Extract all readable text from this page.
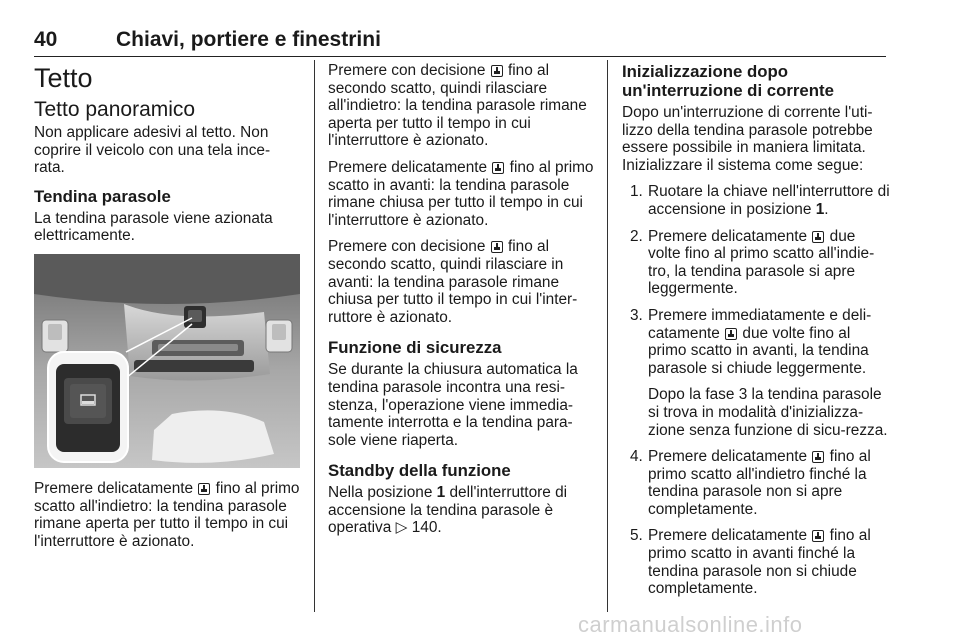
40	Chiavi, portiere e finestrini
Tetto
Tetto panoramico

Non applicare adesivi al tetto. Non coprire il veicolo con una tela ince-rata.

Tendina parasole

La tendina parasole viene azionata elettricamente.

Premere delicatamente  fino al primo scatto all'indietro: la tendina parasole rimane aperta per tutto il tempo in cui l'interruttore è azionato.

Premere con decisione  fino al secondo scatto, quindi rilasciare all'indietro: la tendina parasole rimane aperta per tutto il tempo in cui l'interruttore è azionato.

Premere delicatamente  fino al primo scatto in avanti: la tendina parasole rimane chiusa per tutto il tempo in cui l'interruttore è azionato.

Premere con decisione  fino al secondo scatto, quindi rilasciare in avanti: la tendina parasole rimane chiusa per tutto il tempo in cui l'inter-ruttore è azionato.

Funzione di sicurezza

Se durante la chiusura automatica la tendina parasole incontra una resi-stenza, l'operazione viene immedia-tamente interrotta e la tendina para-sole viene riaperta.

Standby della funzione

Nella posizione 1 dell'interruttore di accensione la tendina parasole è operativa ▷ 140.

Inizializzazione dopo un'interruzione di corrente

Dopo un'interruzione di corrente l'uti-lizzo della tendina parasole potrebbe essere possibile in maniera limitata. Inizializzare il sistema come segue:

1. Ruotare la chiave nell'interruttore di accensione in posizione 1.
2. Premere delicatamente  due volte fino al primo scatto all'indie-tro, la tendina parasole si apre leggermente.
3. Premere immediatamente e deli-catamente  due volte fino al primo scatto in avanti, la tendina parasole si chiude leggermente.
Dopo la fase 3 la tendina parasole si trova in modalità d'inizializza-zione senza funzione di sicu-rezza.
4. Premere delicatamente  fino al primo scatto all'indietro finché la tendina parasole non si apre completamente.
5. Premere delicatamente  fino al primo scatto in avanti finché la tendina parasole non si chiude completamente.
carmanualsonline.info
